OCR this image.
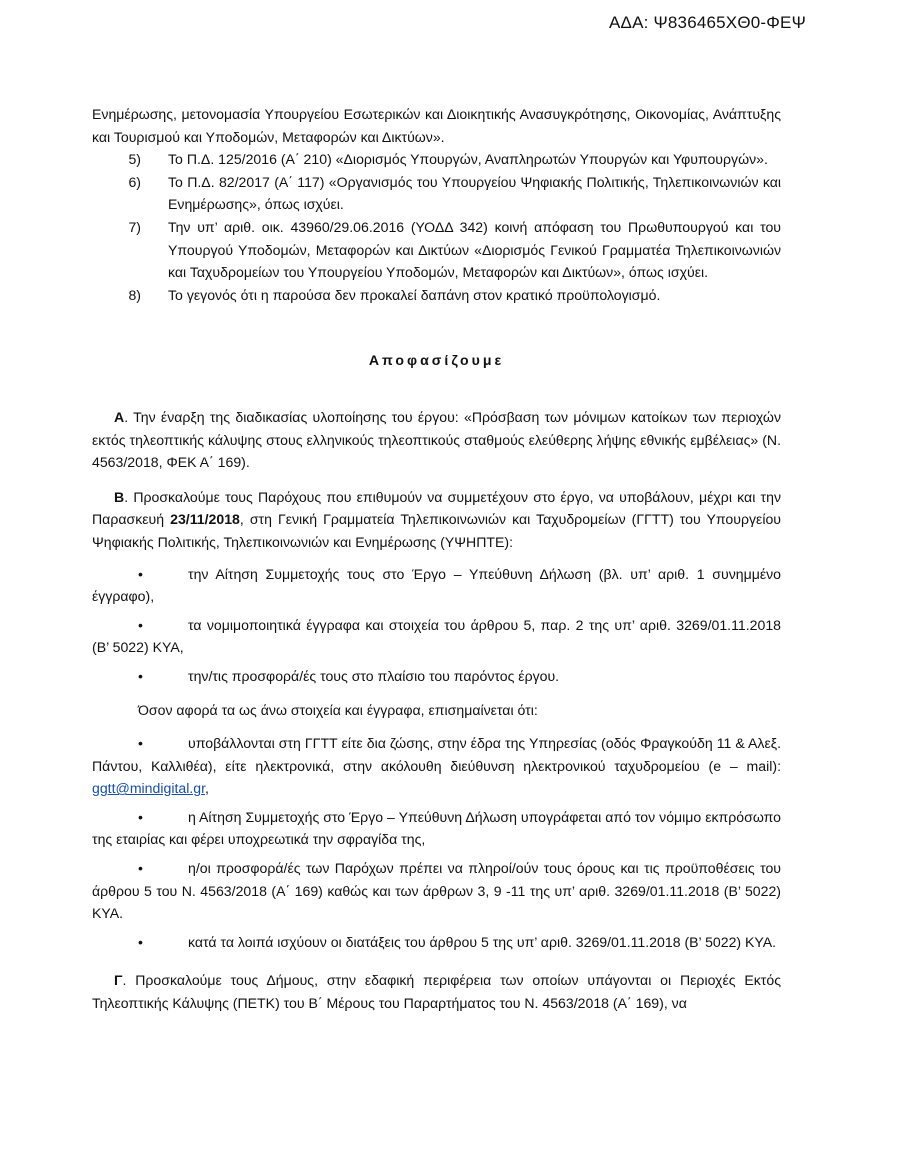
ΑΔΑ: Ψ836465ΧΘ0-ΦΕΨ

Ενημέρωσης, μετονομασία Υπουργείου Εσωτερικών και Διοικητικής Ανασυγκρότησης, Οικονομίας, Ανάπτυξης και Τουρισμού και Υποδομών, Μεταφορών και Δικτύων».

5) Το Π.Δ. 125/2016 (Α΄ 210) «Διορισμός Υπουργών, Αναπληρωτών Υπουργών και Υφυπουργών».
6) Το Π.Δ. 82/2017 (Α΄ 117) «Οργανισμός του Υπουργείου Ψηφιακής Πολιτικής, Τηλεπικοινωνιών και Ενημέρωσης», όπως ισχύει.
7) Την υπ’ αριθ. οικ. 43960/29.06.2016 (ΥΟΔΔ 342) κοινή απόφαση του Πρωθυπουργού και του Υπουργού Υποδομών, Μεταφορών και Δικτύων «Διορισμός Γενικού Γραμματέα Τηλεπικοινωνιών και Ταχυδρομείων του Υπουργείου Υποδομών, Μεταφορών και Δικτύων», όπως ισχύει.
8) Το γεγονός ότι η παρούσα δεν προκαλεί δαπάνη στον κρατικό προϋπολογισμό.
Αποφασίζουμε

Α. Την έναρξη της διαδικασίας υλοποίησης του έργου: «Πρόσβαση των μόνιμων κατοίκων των περιοχών εκτός τηλεοπτικής κάλυψης στους ελληνικούς τηλεοπτικούς σταθμούς ελεύθερης λήψης εθνικής εμβέλειας» (Ν. 4563/2018, ΦΕΚ Α΄ 169).

Β. Προσκαλούμε τους Παρόχους που επιθυμούν να συμμετέχουν στο έργο, να υποβάλουν, μέχρι και την Παρασκευή 23/11/2018, στη Γενική Γραμματεία Τηλεπικοινωνιών και Ταχυδρομείων (ΓΓΤΤ) του Υπουργείου Ψηφιακής Πολιτικής, Τηλεπικοινωνιών και Ενημέρωσης (ΥΨΗΠΤΕ):

•	την Αίτηση Συμμετοχής τους στο Έργο – Υπεύθυνη Δήλωση (βλ. υπ’ αριθ. 1 συνημμένο έγγραφο),
•	τα νομιμοποιητικά έγγραφα και στοιχεία του άρθρου 5, παρ. 2 της υπ’ αριθ. 3269/01.11.2018 (Β’ 5022) ΚΥΑ,
•	την/τις προσφορά/ές τους στο πλαίσιο του παρόντος έργου.

Όσον αφορά τα ως άνω στοιχεία και έγγραφα, επισημαίνεται ότι:

•	υποβάλλονται στη ΓΓΤΤ είτε δια ζώσης, στην έδρα της Υπηρεσίας (οδός Φραγκούδη 11 & Αλεξ. Πάντου, Καλλιθέα), είτε ηλεκτρονικά, στην ακόλουθη διεύθυνση ηλεκτρονικού ταχυδρομείου (e – mail): ggtt@mindigital.gr,
•	η Αίτηση Συμμετοχής στο Έργο – Υπεύθυνη Δήλωση υπογράφεται από τον νόμιμο εκπρόσωπο της εταιρίας και φέρει υποχρεωτικά την σφραγίδα της,
•	η/οι προσφορά/ές των Παρόχων πρέπει να πληροί/ούν τους όρους και τις προϋποθέσεις του άρθρου 5 του Ν. 4563/2018 (Α΄ 169) καθώς και των άρθρων 3, 9 -11 της υπ’ αριθ. 3269/01.11.2018 (Β’ 5022) ΚΥΑ.
•	κατά τα λοιπά ισχύουν οι διατάξεις του άρθρου 5 της υπ’ αριθ. 3269/01.11.2018 (Β’ 5022) ΚΥΑ.

Γ. Προσκαλούμε τους Δήμους, στην εδαφική περιφέρεια των οποίων υπάγονται οι Περιοχές Εκτός Τηλεοπτικής Κάλυψης (ΠΕΤΚ) του Β΄ Μέρους του Παραρτήματος του Ν. 4563/2018 (Α΄ 169), να
